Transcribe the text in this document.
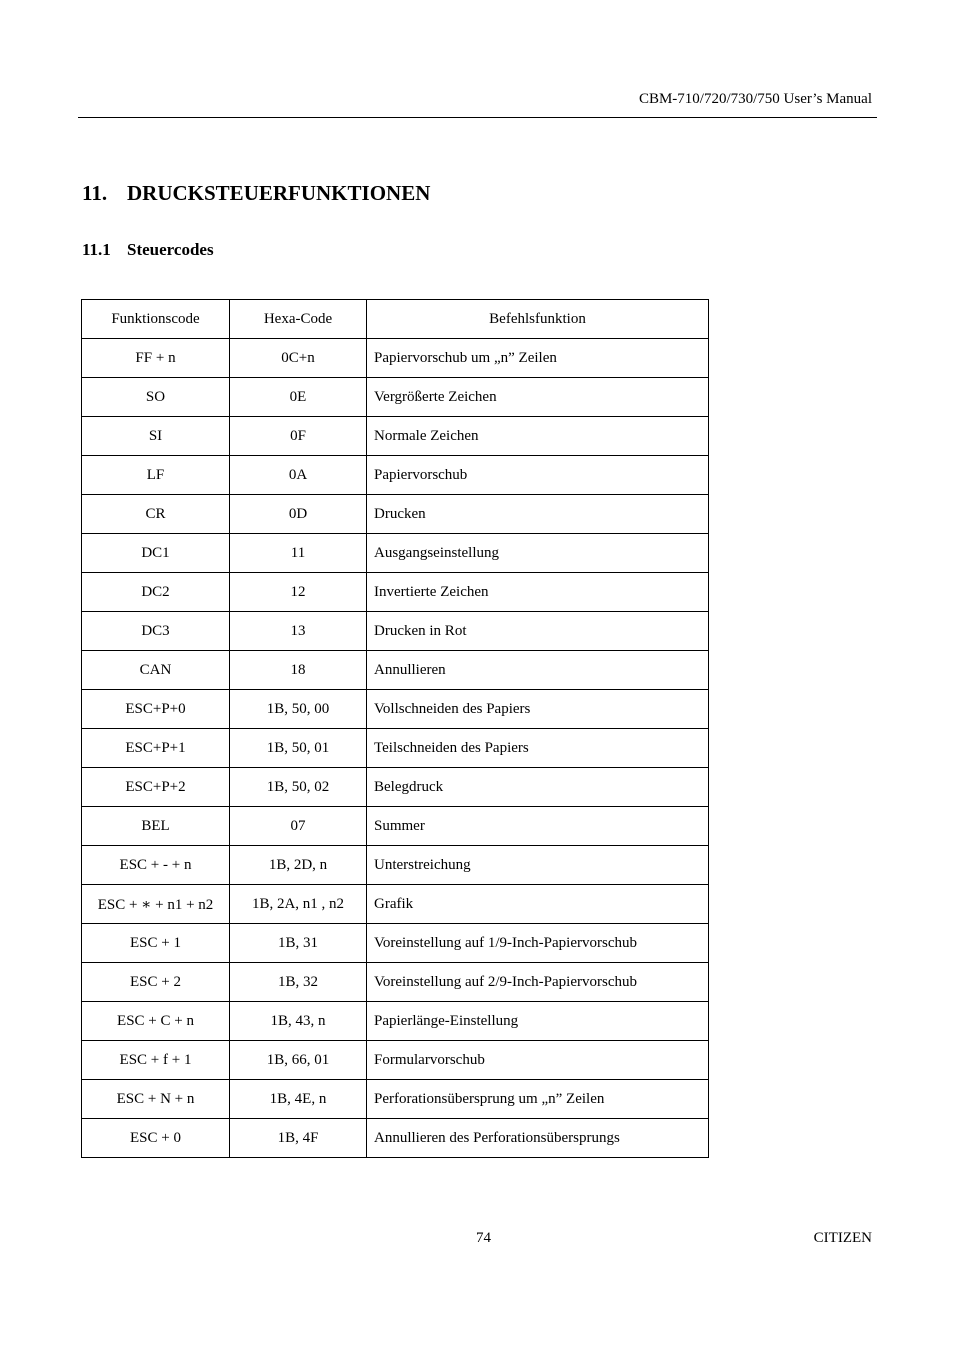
CBM-710/720/730/750 User’s Manual
11. DRUCKSTEUERFUNKTIONEN
11.1 Steuercodes
Funktionscode	Hexa-Code	Befehlsfunktion
FF + n	0C+n	Papiervorschub um „n” Zeilen
SO	0E	Vergrößerte Zeichen
SI	0F	Normale Zeichen
LF	0A	Papiervorschub
CR	0D	Drucken
DC1	11	Ausgangseinstellung
DC2	12	Invertierte Zeichen
DC3	13	Drucken in Rot
CAN	18	Annullieren
ESC+P+0	1B, 50, 00	Vollschneiden des Papiers
ESC+P+1	1B, 50, 01	Teilschneiden des Papiers
ESC+P+2	1B, 50, 02	Belegdruck
BEL	07	Summer
ESC + - + n	1B, 2D, n	Unterstreichung
ESC + ∗ + n1 + n2	1B, 2A, n1 , n2	Grafik
ESC + 1	1B, 31	Voreinstellung auf 1/9-Inch-Papiervorschub
ESC + 2	1B, 32	Voreinstellung auf 2/9-Inch-Papiervorschub
ESC + C + n	1B, 43, n	Papierlänge-Einstellung
ESC + f + 1	1B, 66, 01	Formularvorschub
ESC + N + n	1B, 4E, n	Perforationsübersprung um „n” Zeilen
ESC + 0	1B, 4F	Annullieren des Perforationsübersprungs
74	CITIZEN
